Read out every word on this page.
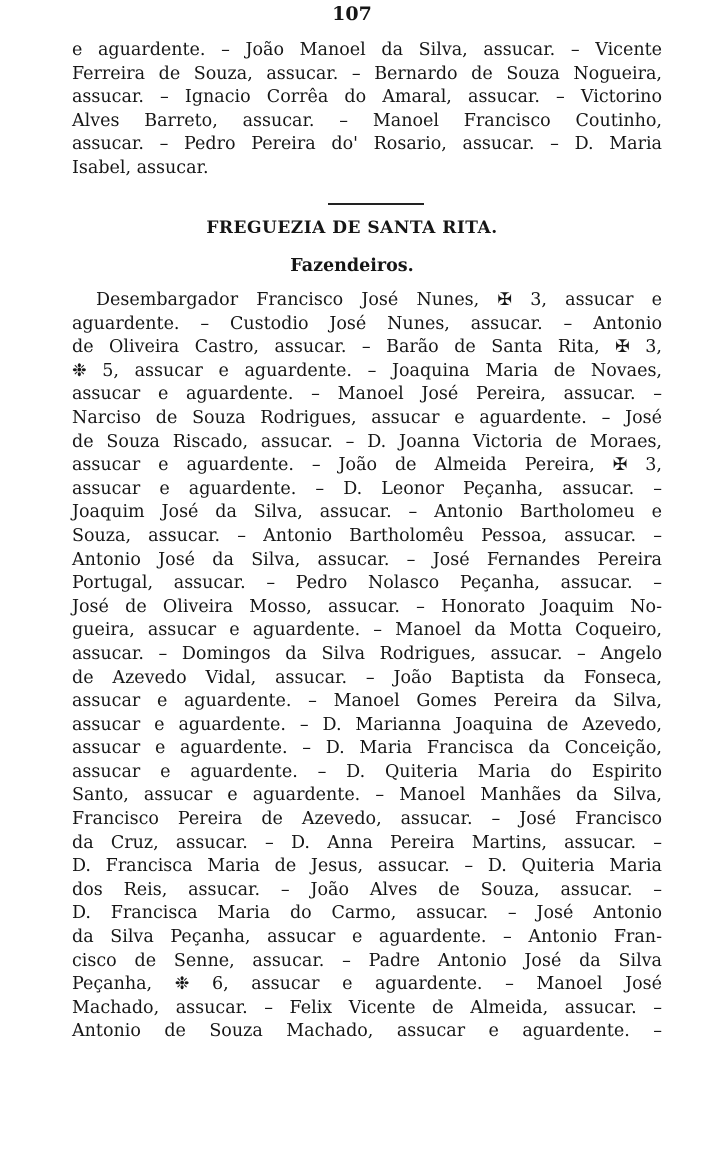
107
e aguardente. – João Manoel da Silva, assucar. – Vicente
Ferreira de Souza, assucar. – Bernardo de Souza Nogueira,
assucar. – Ignacio Corrêa do Amaral, assucar. – Victorino
Alves Barreto, assucar. – Manoel Francisco Coutinho,
assucar. – Pedro Pereira do' Rosario, assucar. – D. Maria
Isabel, assucar.
FREGUEZIA DE SANTA RITA.
Fazendeiros.
Desembargador Francisco José Nunes, ✠ 3, assucar e
aguardente. – Custodio José Nunes, assucar. – Antonio
de Oliveira Castro, assucar. – Barão de Santa Rita, ✠ 3,
❉ 5, assucar e aguardente. – Joaquina Maria de Novaes,
assucar e aguardente. – Manoel José Pereira, assucar. –
Narciso de Souza Rodrigues, assucar e aguardente. – José
de Souza Riscado, assucar. – D. Joanna Victoria de Moraes,
assucar e aguardente. – João de Almeida Pereira, ✠ 3,
assucar e aguardente. – D. Leonor Peçanha, assucar. –
Joaquim José da Silva, assucar. – Antonio Bartholomeu e
Souza, assucar. – Antonio Bartholomêu Pessoa, assucar. –
Antonio José da Silva, assucar. – José Fernandes Pereira
Portugal, assucar. – Pedro Nolasco Peçanha, assucar. –
José de Oliveira Mosso, assucar. – Honorato Joaquim No-
gueira, assucar e aguardente. – Manoel da Motta Coqueiro,
assucar. – Domingos da Silva Rodrigues, assucar. – Angelo
de Azevedo Vidal, assucar. – João Baptista da Fonseca,
assucar e aguardente. – Manoel Gomes Pereira da Silva,
assucar e aguardente. – D. Marianna Joaquina de Azevedo,
assucar e aguardente. – D. Maria Francisca da Conceição,
assucar e aguardente. – D. Quiteria Maria do Espirito
Santo, assucar e aguardente. – Manoel Manhães da Silva,
Francisco Pereira de Azevedo, assucar. – José Francisco
da Cruz, assucar. – D. Anna Pereira Martins, assucar. –
D. Francisca Maria de Jesus, assucar. – D. Quiteria Maria
dos Reis, assucar. – João Alves de Souza, assucar. –
D. Francisca Maria do Carmo, assucar. – José Antonio
da Silva Peçanha, assucar e aguardente. – Antonio Fran-
cisco de Senne, assucar. – Padre Antonio José da Silva
Peçanha, ❉ 6, assucar e aguardente. – Manoel José
Machado, assucar. – Felix Vicente de Almeida, assucar. –
Antonio de Souza Machado, assucar e aguardente. –
